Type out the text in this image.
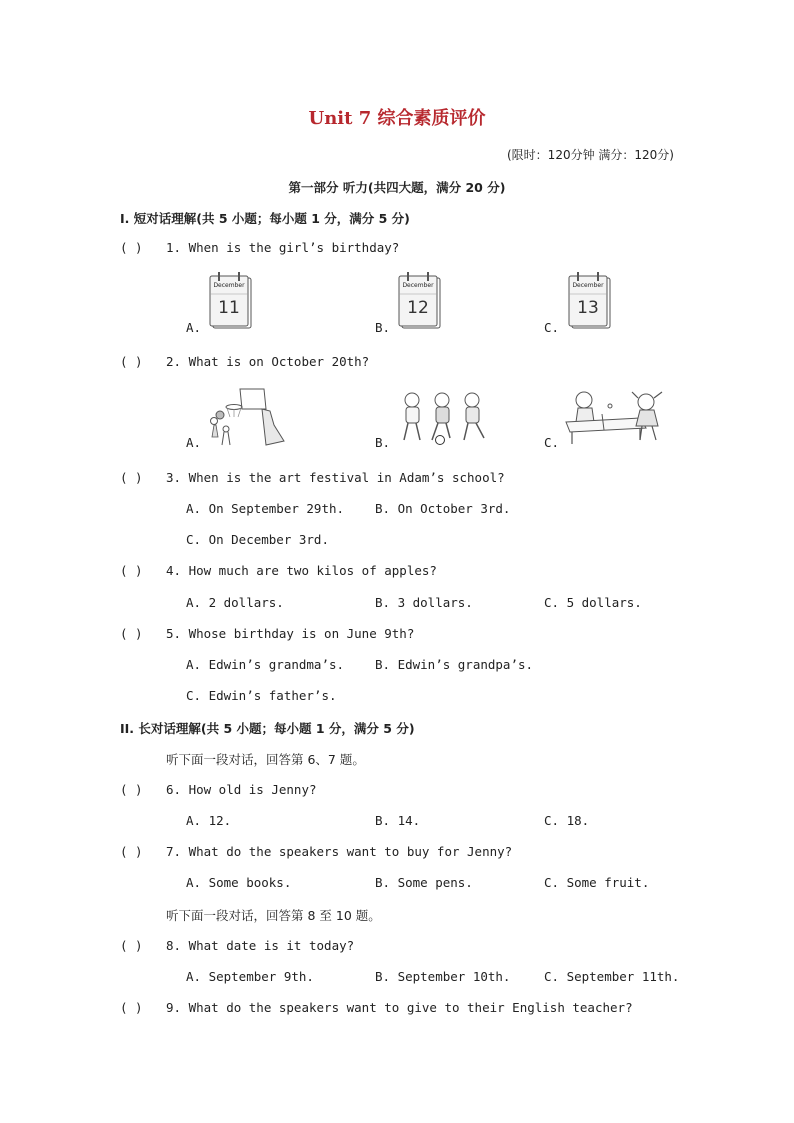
Unit 7 综合素质评价
(限时：120分钟 满分：120分)
第一部分 听力(共四大题，满分 20 分)
I. 短对话理解(共 5 小题；每小题 1 分，满分 5 分)
( ) 1. When is the girl’s birthday?
A.
December
11
B.
December
12
C.
December
13
( ) 2. What is on October 20th?
A.	B.	C.
( ) 3. When is the art festival in Adam’s school?
A. On September 29th. B. On October 3rd.
C. On December 3rd.
( ) 4. How much are two kilos of apples?
A. 2 dollars.	B. 3 dollars.	C. 5 dollars.
( ) 5. Whose birthday is on June 9th?
A. Edwin’s grandma’s. B. Edwin’s grandpa’s.
C. Edwin’s father’s.
II. 长对话理解(共 5 小题；每小题 1 分，满分 5 分)
听下面一段对话，回答第 6、7 题。
( ) 6. How old is Jenny?
A. 12.	B. 14.	C. 18.
( ) 7. What do the speakers want to buy for Jenny?
A. Some books.	B. Some pens.	C. Some fruit.
听下面一段对话，回答第 8 至 10 题。
( ) 8. What date is it today?
A. September 9th.	B. September 10th.	C. September 11th.
( ) 9. What do the speakers want to give to their English teacher?
